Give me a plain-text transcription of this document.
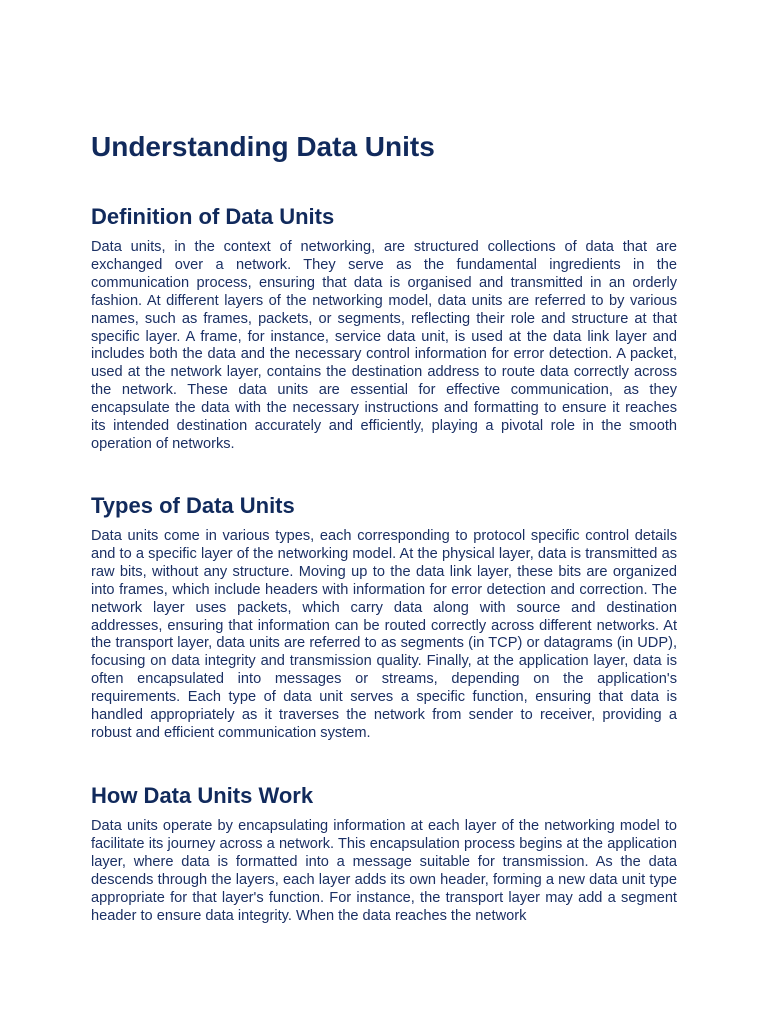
Understanding Data Units
Definition of Data Units

Data units, in the context of networking, are structured collections of data that are exchanged over a network. They serve as the fundamental ingredients in the communication process, ensuring that data is organised and transmitted in an orderly fashion. At different layers of the networking model, data units are referred to by various names, such as frames, packets, or segments, reflecting their role and structure at that specific layer. A frame, for instance, service data unit, is used at the data link layer and includes both the data and the necessary control information for error detection. A packet, used at the network layer, contains the destination address to route data correctly across the network. These data units are essential for effective communication, as they encapsulate the data with the necessary instructions and formatting to ensure it reaches its intended destination accurately and efficiently, playing a pivotal role in the smooth operation of networks.

Types of Data Units

Data units come in various types, each corresponding to protocol specific control details and to a specific layer of the networking model. At the physical layer, data is transmitted as raw bits, without any structure. Moving up to the data link layer, these bits are organized into frames, which include headers with information for error detection and correction. The network layer uses packets, which carry data along with source and destination addresses, ensuring that information can be routed correctly across different networks. At the transport layer, data units are referred to as segments (in TCP) or datagrams (in UDP), focusing on data integrity and transmission quality. Finally, at the application layer, data is often encapsulated into messages or streams, depending on the application's requirements. Each type of data unit serves a specific function, ensuring that data is handled appropriately as it traverses the network from sender to receiver, providing a robust and efficient communication system.

How Data Units Work

Data units operate by encapsulating information at each layer of the networking model to facilitate its journey across a network. This encapsulation process begins at the application layer, where data is formatted into a message suitable for transmission. As the data descends through the layers, each layer adds its own header, forming a new data unit type appropriate for that layer's function. For instance, the transport layer may add a segment header to ensure data integrity. When the data reaches the network
